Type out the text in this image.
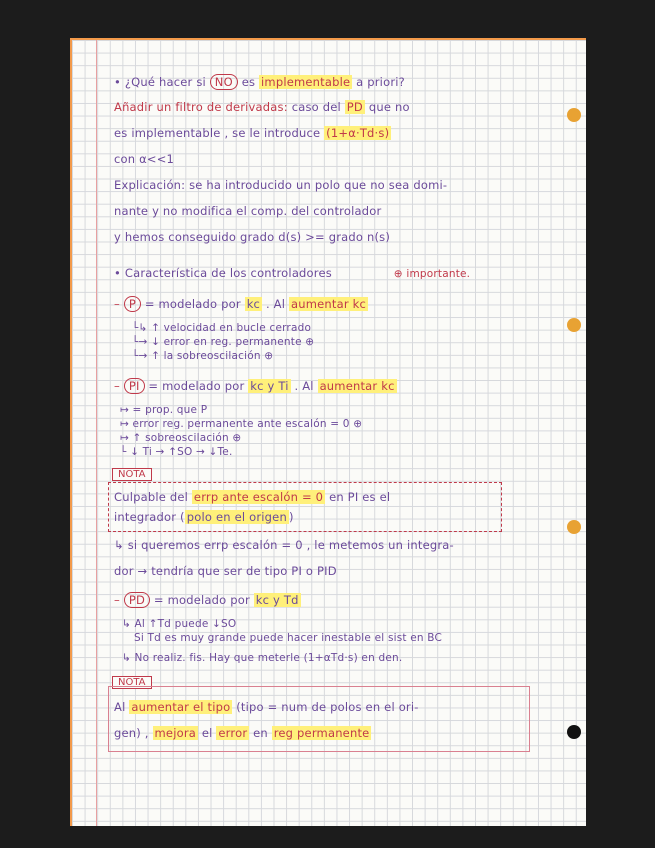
• ¿Qué hacer si NO es implementable a priori?
Añadir un filtro de derivadas: caso del PD que no
es implementable , se le introduce (1+α·Td·s)
con α<<1
Explicación: se ha introducido un polo que no sea domi-
nante y no modifica el comp. del controlador
y hemos conseguido grado d(s) >= grado n(s)
• Característica de los controladores	⊕ importante.
– P = modelado por kc . Al aumentar kc
└↳ ↑ velocidad en bucle cerrado
└→ ↓ error en reg. permanente ⊕
└→ ↑ la sobreoscilación ⊕
– PI = modelado por kc y Ti . Al aumentar kc
↦ = prop. que P
↦ error reg. permanente ante escalón = 0 ⊕
↦ ↑ sobreoscilación ⊕
└ ↓ Ti → ↑SO → ↓Te.
NOTA
Culpable del errp ante escalón = 0 en PI es el
integrador ( polo en el origen )
↳ si queremos errp escalón = 0 , le metemos un integra-
dor → tendría que ser de tipo PI o PID
– PD = modelado por kc y Td
↳ Al ↑Td puede ↓SO
Si Td es muy grande puede hacer inestable el sist en BC
↳ No realiz. fis. Hay que meterle (1+αTd·s) en den.
NOTA
Al aumentar el tipo (tipo = num de polos en el ori-
gen) , mejora el error en reg permanente
